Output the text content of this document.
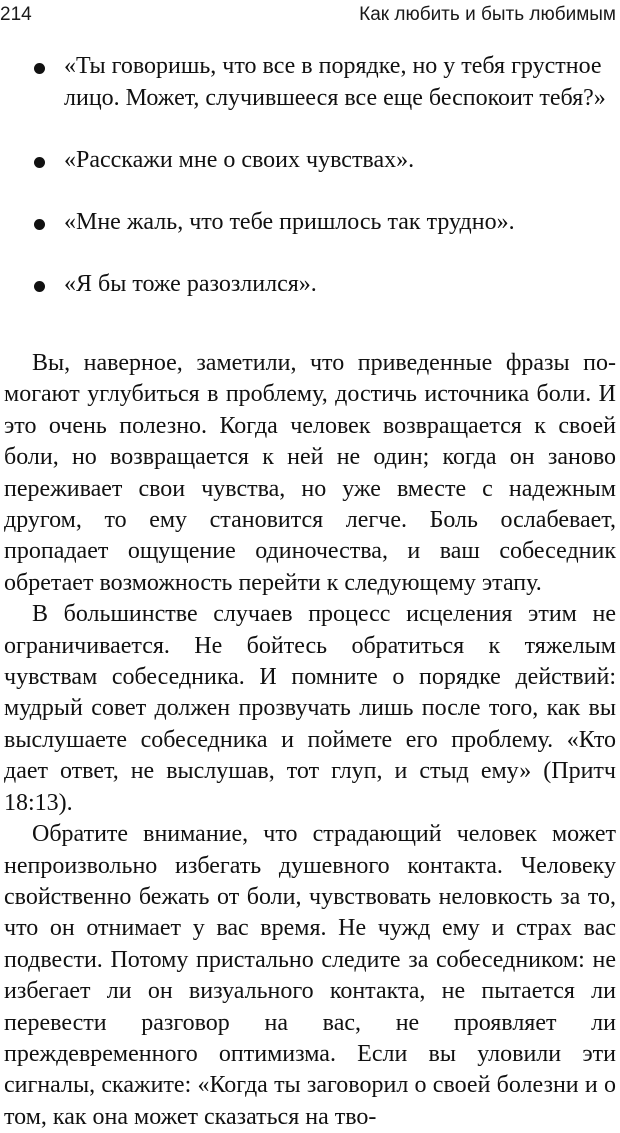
214	Как любить и быть любимым
«Ты говоришь, что все в порядке, но у тебя грустное лицо. Может, случившееся все еще беспокоит тебя?»
«Расскажи мне о своих чувствах».
«Мне жаль, что тебе пришлось так трудно».
«Я бы тоже разозлился».

Вы, наверное, заметили, что приведенные фразы помогают углубиться в проблему, достичь источника боли. И это очень полезно. Когда человек возвращается к своей боли, но возвращается к ней не один; когда он заново переживает свои чувства, но уже вместе с надежным другом, то ему становится легче. Боль ослабевает, пропадает ощущение одиночества, и ваш собеседник обретает возможность перейти к следующему этапу.

В большинстве случаев процесс исцеления этим не ограничивается. Не бойтесь обратиться к тяжелым чувствам собеседника. И помните о порядке действий: мудрый совет должен прозвучать лишь после того, как вы выслушаете собеседника и поймете его проблему. «Кто дает ответ, не выслушав, тот глуп, и стыд ему» (Притч 18:13).

Обратите внимание, что страдающий человек может непроизвольно избегать душевного контакта. Человеку свойственно бежать от боли, чувствовать неловкость за то, что он отнимает у вас время. Не чужд ему и страх вас подвести. Потому пристально следите за собеседником: не избегает ли он визуального контакта, не пытается ли перевести разговор на вас, не проявляет ли преждевременного оптимизма. Если вы уловили эти сигналы, скажите: «Когда ты заговорил о своей болезни и о том, как она может сказаться на тво-
